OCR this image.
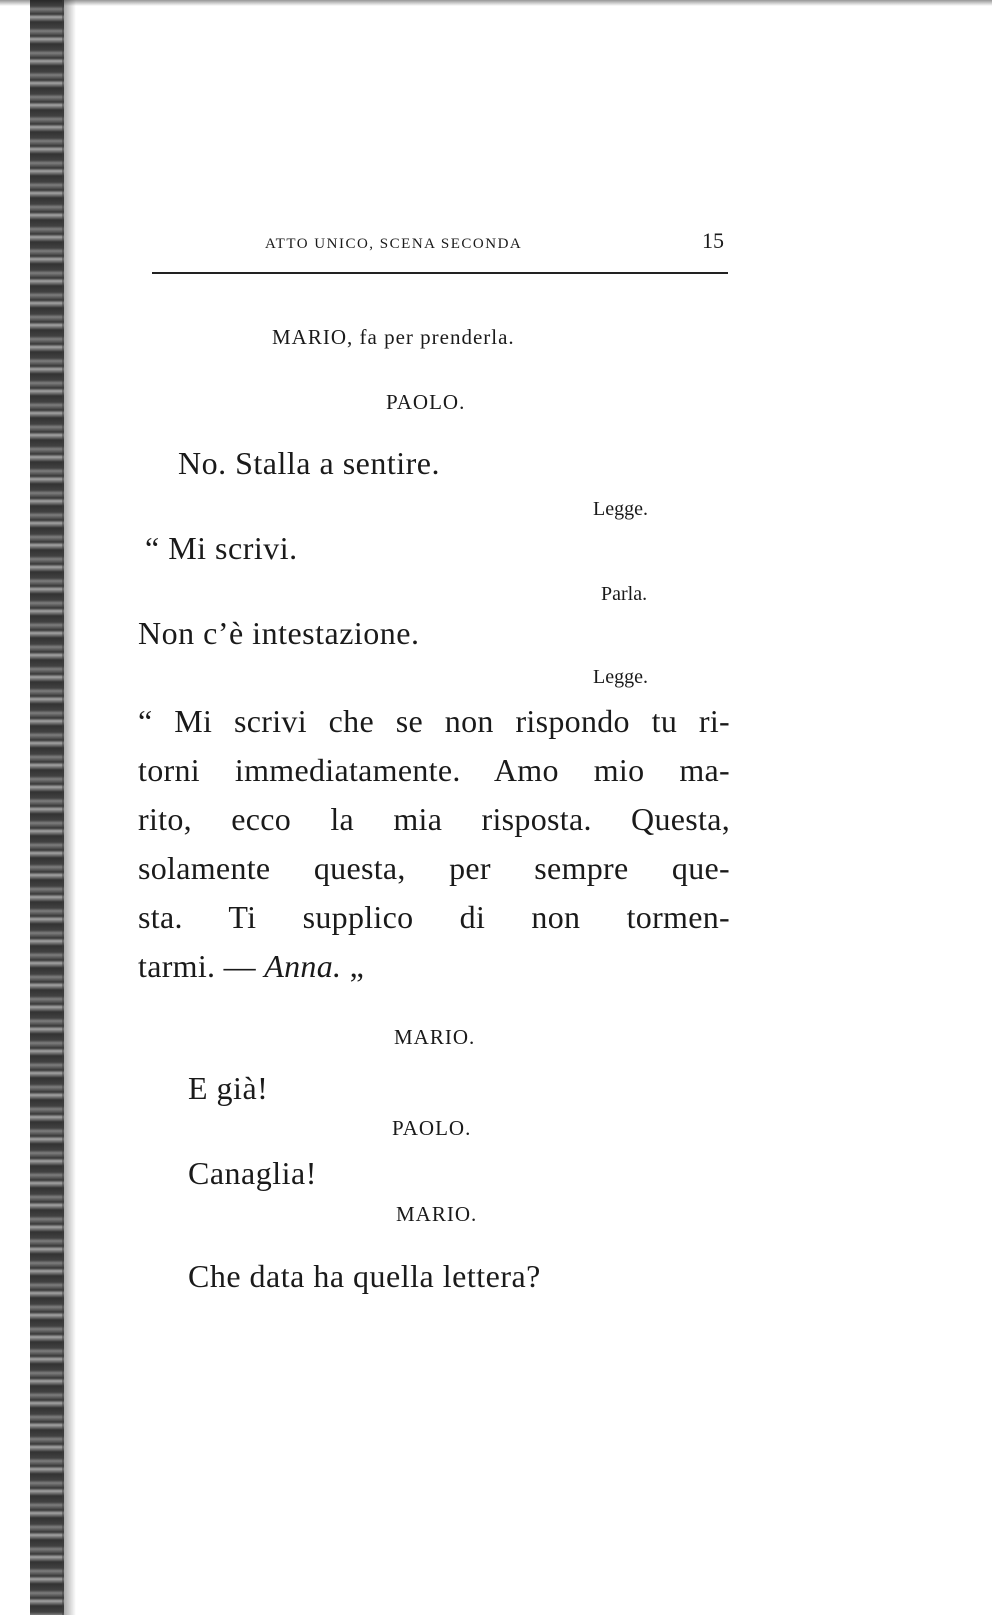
ATTO UNICO, SCENA SECONDA	15
MARIO, fa per prenderla.
PAOLO.
No. Stalla a sentire.
Legge.
“ Mi scrivi.
Parla.
Non c’è intestazione.
Legge.
“ Mi scrivi che se non rispondo tu ri-
torni immediatamente. Amo mio ma-
rito, ecco la mia risposta. Questa,
solamente questa, per sempre que-
sta. Ti supplico di non tormen-
tarmi. — Anna. „
MARIO.
E già!
PAOLO.
Canaglia!
MARIO.
Che data ha quella lettera?
